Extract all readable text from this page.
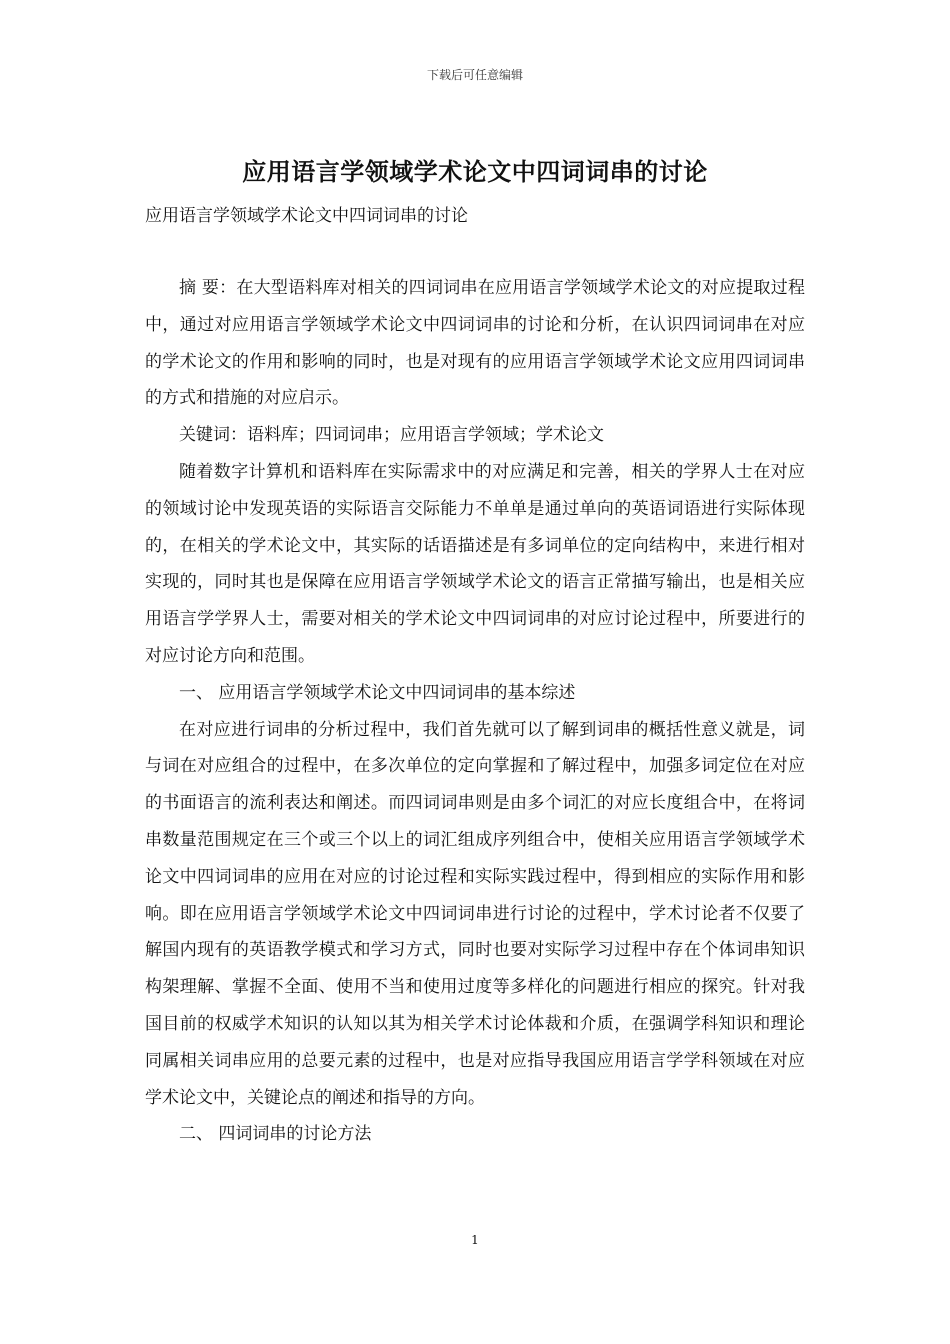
下载后可任意编辑
应用语言学领域学术论文中四词词串的讨论
应用语言学领域学术论文中四词词串的讨论

摘 要：在大型语料库对相关的四词词串在应用语言学领域学术论文的对应提取过程中，通过对应用语言学领域学术论文中四词词串的讨论和分析，在认识四词词串在对应的学术论文的作用和影响的同时，也是对现有的应用语言学领域学术论文应用四词词串的方式和措施的对应启示。

关键词：语料库；四词词串；应用语言学领域；学术论文

随着数字计算机和语料库在实际需求中的对应满足和完善，相关的学界人士在对应的领域讨论中发现英语的实际语言交际能力不单单是通过单向的英语词语进行实际体现的，在相关的学术论文中，其实际的话语描述是有多词单位的定向结构中，来进行相对实现的，同时其也是保障在应用语言学领域学术论文的语言正常描写输出，也是相关应用语言学学界人士，需要对相关的学术论文中四词词串的对应讨论过程中，所要进行的对应讨论方向和范围。

一、 应用语言学领域学术论文中四词词串的基本综述

在对应进行词串的分析过程中，我们首先就可以了解到词串的概括性意义就是，词与词在对应组合的过程中，在多次单位的定向掌握和了解过程中，加强多词定位在对应的书面语言的流利表达和阐述。而四词词串则是由多个词汇的对应长度组合中，在将词串数量范围规定在三个或三个以上的词汇组成序列组合中，使相关应用语言学领域学术论文中四词词串的应用在对应的讨论过程和实际实践过程中，得到相应的实际作用和影响。即在应用语言学领域学术论文中四词词串进行讨论的过程中，学术讨论者不仅要了解国内现有的英语教学模式和学习方式，同时也要对实际学习过程中存在个体词串知识构架理解、掌握不全面、使用不当和使用过度等多样化的问题进行相应的探究。针对我国目前的权威学术知识的认知以其为相关学术讨论体裁和介质，在强调学科知识和理论同属相关词串应用的总要元素的过程中，也是对应指导我国应用语言学学科领域在对应学术论文中，关键论点的阐述和指导的方向。

二、 四词词串的讨论方法

1
